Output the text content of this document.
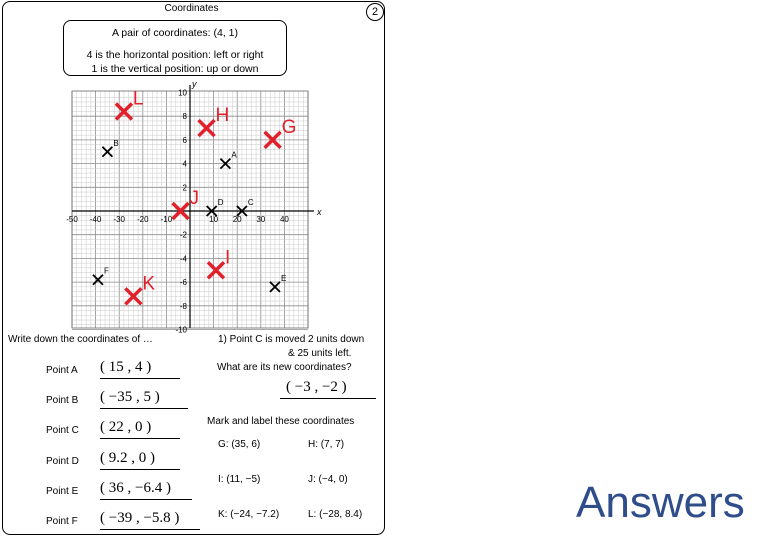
Coordinates	2
A pair of coordinates: (4, 1)
4 is the horizontal position: left or right
1 is the vertical position: up or down
x
y
-50 -40 -30 -20 -10	10 20 30 40
10
8
6
4
2
-2
-4
-6
-8
-10
A
B
C
D
E
F
G
H
I
J
K
L
Write down the coordinates of …
Point A ( 15 , 4 )
Point B ( −35 , 5 )
Point C ( 22 , 0 )
Point D ( 9.2 , 0 )
Point E ( 36 , −6.4 )
Point F ( −39 , −5.8 )
1) Point C is moved 2 units down
& 25 units left.
What are its new coordinates?
( −3 , −2 )
Mark and label these coordinates
G: (35, 6)	H: (7, 7)
I: (11, −5)	J: (−4, 0)
K: (−24, −7.2)	L: (−28, 8.4)	Answers
